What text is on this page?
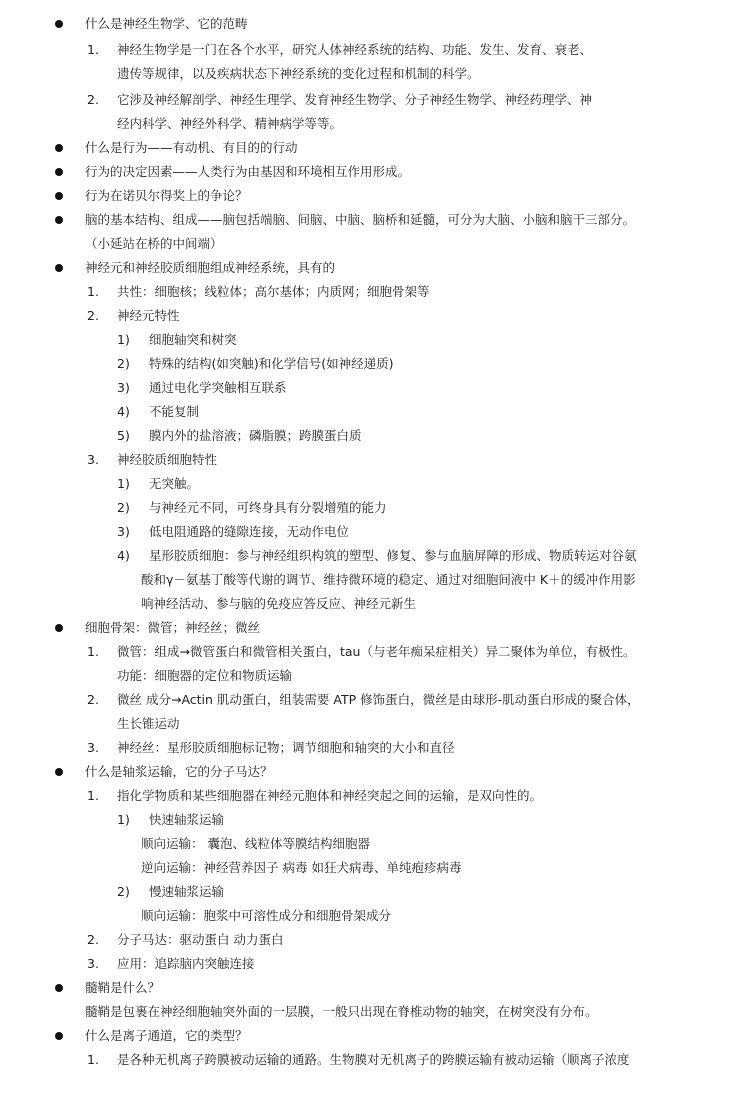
什么是神经生物学、它的范畴
1. 神经生物学是一门在各个水平，研究人体神经系统的结构、功能、发生、发育、衰老、
遗传等规律，以及疾病状态下神经系统的变化过程和机制的科学。
2. 它涉及神经解剖学、神经生理学、发育神经生物学、分子神经生物学、神经药理学、神
经内科学、神经外科学、精神病学等等。
什么是行为——有动机、有目的的行动
行为的决定因素——人类行为由基因和环境相互作用形成。
行为在诺贝尔得奖上的争论？
脑的基本结构、组成——脑包括端脑、间脑、中脑、脑桥和延髓，可分为大脑、小脑和脑干三部分。
（小延站在桥的中间端）
神经元和神经胶质细胞组成神经系统，具有的
1. 共性：细胞核；线粒体；高尔基体；内质网；细胞骨架等
2. 神经元特性
1) 细胞轴突和树突
2) 特殊的结构(如突触)和化学信号(如神经递质)
3) 通过电化学突触相互联系
4) 不能复制
5) 膜内外的盐溶液；磷脂膜；跨膜蛋白质
3. 神经胶质细胞特性
1) 无突触。
2) 与神经元不同，可终身具有分裂增殖的能力
3) 低电阻通路的缝隙连接，无动作电位
4) 星形胶质细胞：参与神经组织构筑的塑型、修复、参与血脑屏障的形成、物质转运对谷氨
酸和γ－氨基丁酸等代谢的调节、维持微环境的稳定、通过对细胞间液中 K＋的缓冲作用影
响神经活动、参与脑的免疫应答反应、神经元新生
细胞骨架：微管；神经丝；微丝
1. 微管：组成→微管蛋白和微管相关蛋白，tau（与老年痴呆症相关）异二聚体为单位，有极性。
功能：细胞器的定位和物质运输
2. 微丝 成分→Actin 肌动蛋白，组装需要 ATP 修饰蛋白，微丝是由球形-肌动蛋白形成的聚合体，
生长锥运动
3. 神经丝：星形胶质细胞标记物；调节细胞和轴突的大小和直径
什么是轴浆运输，它的分子马达？
1. 指化学物质和某些细胞器在神经元胞体和神经突起之间的运输，是双向性的。
1) 快速轴浆运输
顺向运输： 囊泡、线粒体等膜结构细胞器
逆向运输：神经营养因子 病毒 如狂犬病毒、单纯疱疹病毒
2) 慢速轴浆运输
顺向运输：胞浆中可溶性成分和细胞骨架成分
2. 分子马达：驱动蛋白 动力蛋白
3. 应用：追踪脑内突触连接
髓鞘是什么？
髓鞘是包裹在神经细胞轴突外面的一层膜，一般只出现在脊椎动物的轴突，在树突没有分布。
什么是离子通道，它的类型？
1. 是各种无机离子跨膜被动运输的通路。生物膜对无机离子的跨膜运输有被动运输（顺离子浓度
